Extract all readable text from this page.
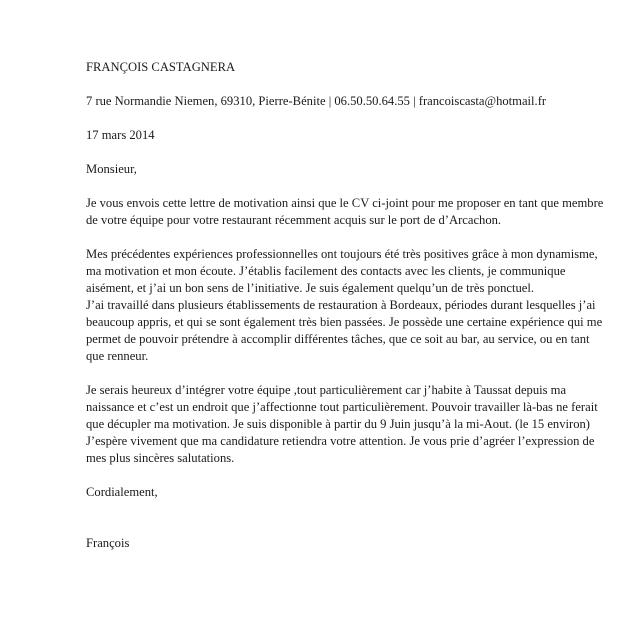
FRANÇOIS CASTAGNERA

7 rue Normandie Niemen, 69310, Pierre-Bénite | 06.50.50.64.55 | francoiscasta@hotmail.fr

17 mars 2014

Monsieur,

Je vous envois cette lettre de motivation ainsi que le CV ci-joint pour me proposer en tant que membre

de votre équipe pour votre restaurant récemment acquis sur le port de d’Arcachon.

Mes précédentes expériences professionnelles ont toujours été très positives grâce à mon dynamisme,

ma motivation et mon écoute. J’établis facilement des contacts avec les clients, je communique

aisément, et j’ai un bon sens de l’initiative. Je suis également quelqu’un de très ponctuel.

J’ai travaillé dans plusieurs établissements de restauration à Bordeaux, périodes durant lesquelles j’ai

beaucoup appris, et qui se sont également très bien passées. Je possède une certaine expérience qui me

permet de pouvoir prétendre à accomplir différentes tâches, que ce soit au bar, au service, ou en tant

que renneur.

Je serais heureux d’intégrer votre équipe ,tout particulièrement car j’habite à Taussat depuis ma

naissance et c’est un endroit que j’affectionne tout particulièrement. Pouvoir travailler là-bas ne ferait

que décupler ma motivation. Je suis disponible à partir du 9 Juin jusqu’à la mi-Aout. (le 15 environ)

J’espère vivement que ma candidature retiendra votre attention. Je vous prie d’agréer l’expression de

mes plus sincères salutations.

Cordialement,

François
